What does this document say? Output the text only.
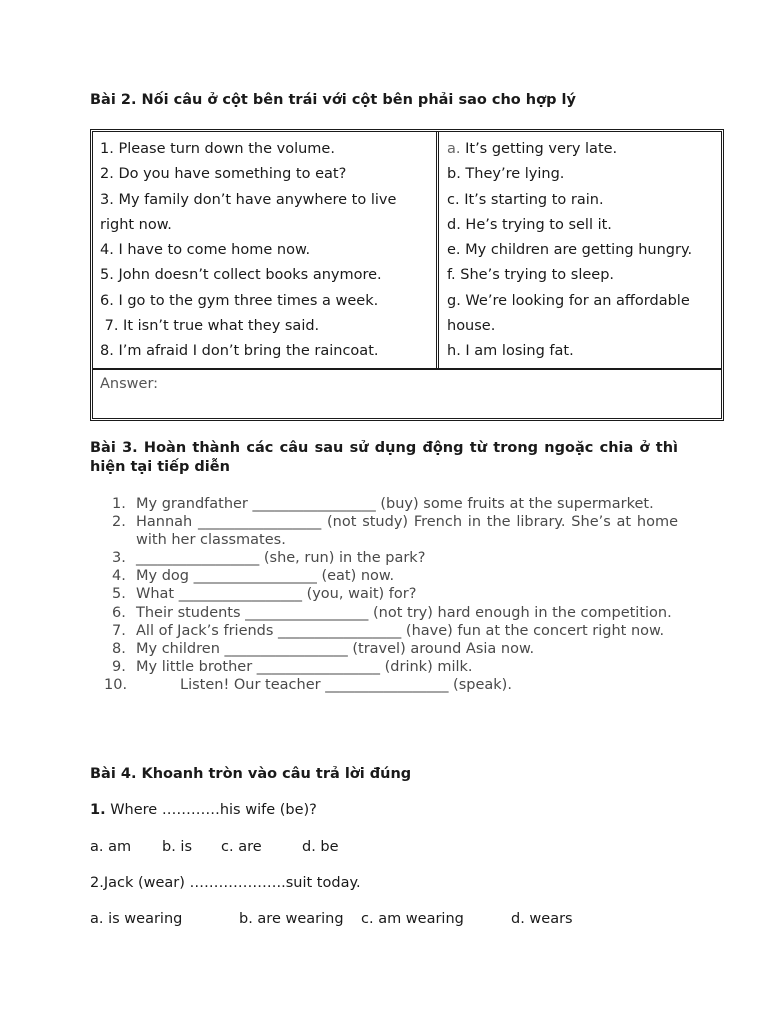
Bài 2. Nối câu ở cột bên trái với cột bên phải sao cho hợp lý
1. Please turn down the volume.
2. Do you have something to eat?
3. My family don’t have anywhere to live
right now.
4. I have to come home now.
5. John doesn’t collect books anymore.
6. I go to the gym three times a week.
7. It isn’t true what they said.
8. I’m afraid I don’t bring the raincoat.
a. It’s getting very late.
b. They’re lying.
c. It’s starting to rain.
d. He’s trying to sell it.
e. My children are getting hungry.
f. She’s trying to sleep.
g. We’re looking for an affordable
house.
h. I am losing fat.
Answer:
Bài 3. Hoàn thành các câu sau sử dụng động từ trong ngoặc chia ở thì hiện tại tiếp diễn
1. My grandfather _________________ (buy) some fruits at the supermarket.
2. Hannah _________________ (not study) French in the library. She’s at home with her classmates.
3. _________________ (she, run) in the park?
4. My dog _________________ (eat) now.
5. What _________________ (you, wait) for?
6. Their students _________________ (not try) hard enough in the competition.
7. All of Jack’s friends _________________ (have) fun at the concert right now.
8. My children _________________ (travel) around Asia now.
9. My little brother _________________ (drink) milk.
10.	Listen! Our teacher _________________ (speak).
Bài 4. Khoanh tròn vào câu trả lời đúng
1. Where …………his wife (be)?
a. am b. is c. are	d. be
2.Jack (wear) ………………..suit today.
a. is wearing	b. are wearing c. am wearing	d. wears
